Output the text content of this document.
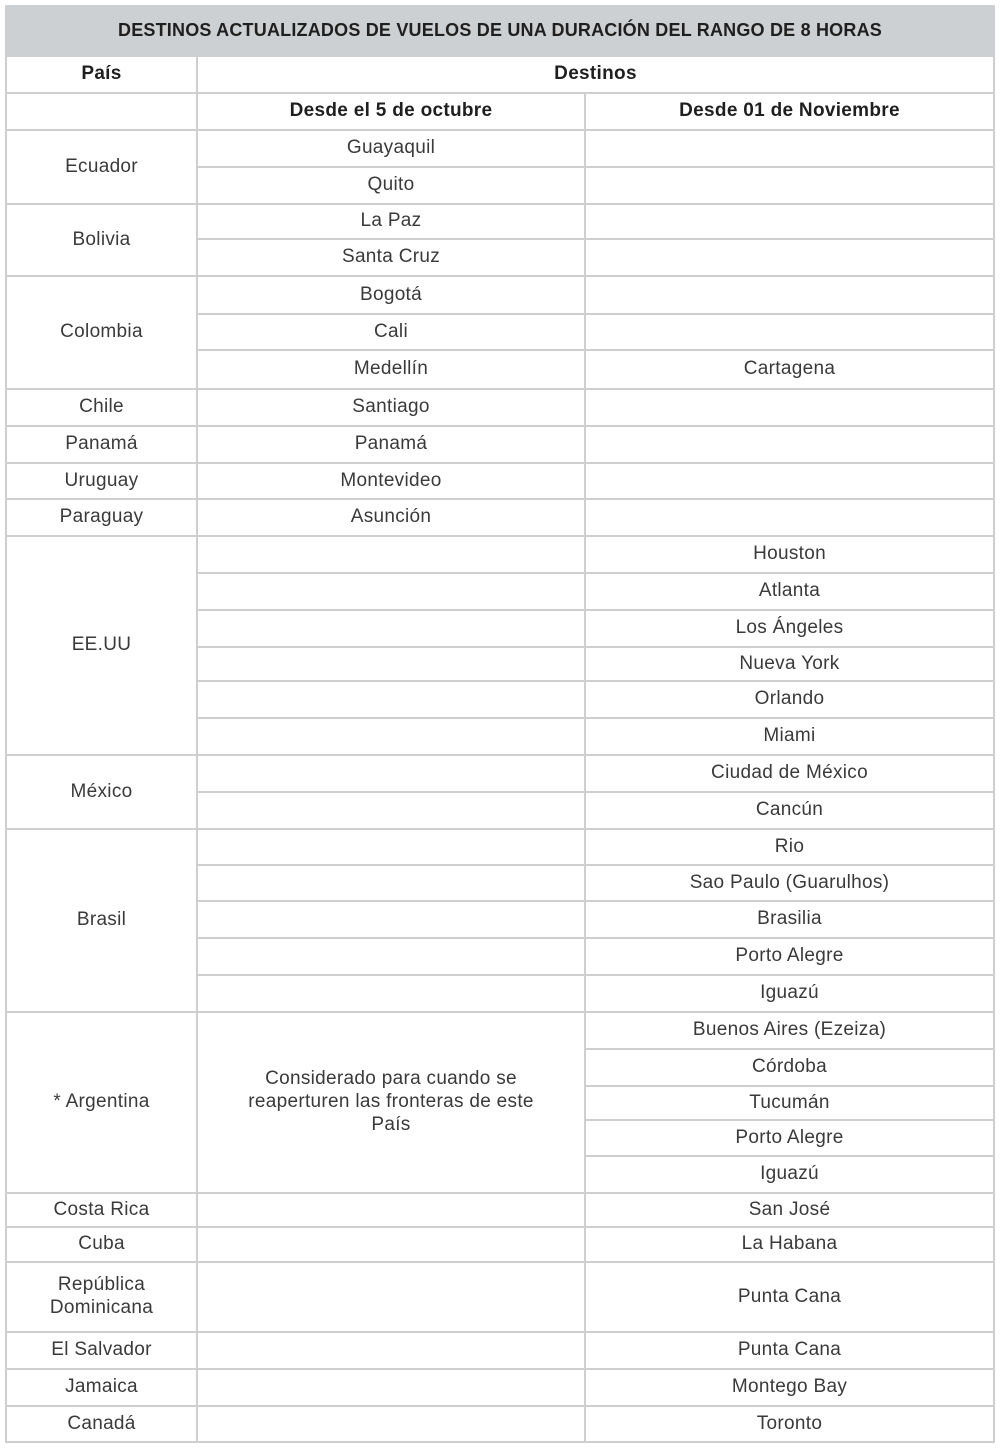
DESTINOS ACTUALIZADOS DE VUELOS DE UNA DURACIÓN DEL RANGO DE 8 HORAS		
País	Destinos	
	Desde el 5 de octubre	Desde 01 de Noviembre
Ecuador	Guayaquil	
	Quito	
Bolivia	La Paz	
	Santa Cruz	
Colombia	Bogotá	
	Cali	
	Medellín	Cartagena
Chile	Santiago	
Panamá	Panamá	
Uruguay	Montevideo	
Paraguay	Asunción	
EE.UU		Houston
		Atlanta
		Los Ángeles
		Nueva York
		Orlando
		Miami
México		Ciudad de México
		Cancún
Brasil		Rio
		Sao Paulo (Guarulhos)
		Brasilia
		Porto Alegre
		Iguazú
* Argentina	Considerado para cuando se reaperturen las fronteras de este País	Buenos Aires (Ezeiza)
		Córdoba
		Tucumán
		Porto Alegre
		Iguazú
Costa Rica		San José
Cuba		La Habana
República Dominicana		Punta Cana
El Salvador		Punta Cana
Jamaica		Montego Bay
Canadá		Toronto
